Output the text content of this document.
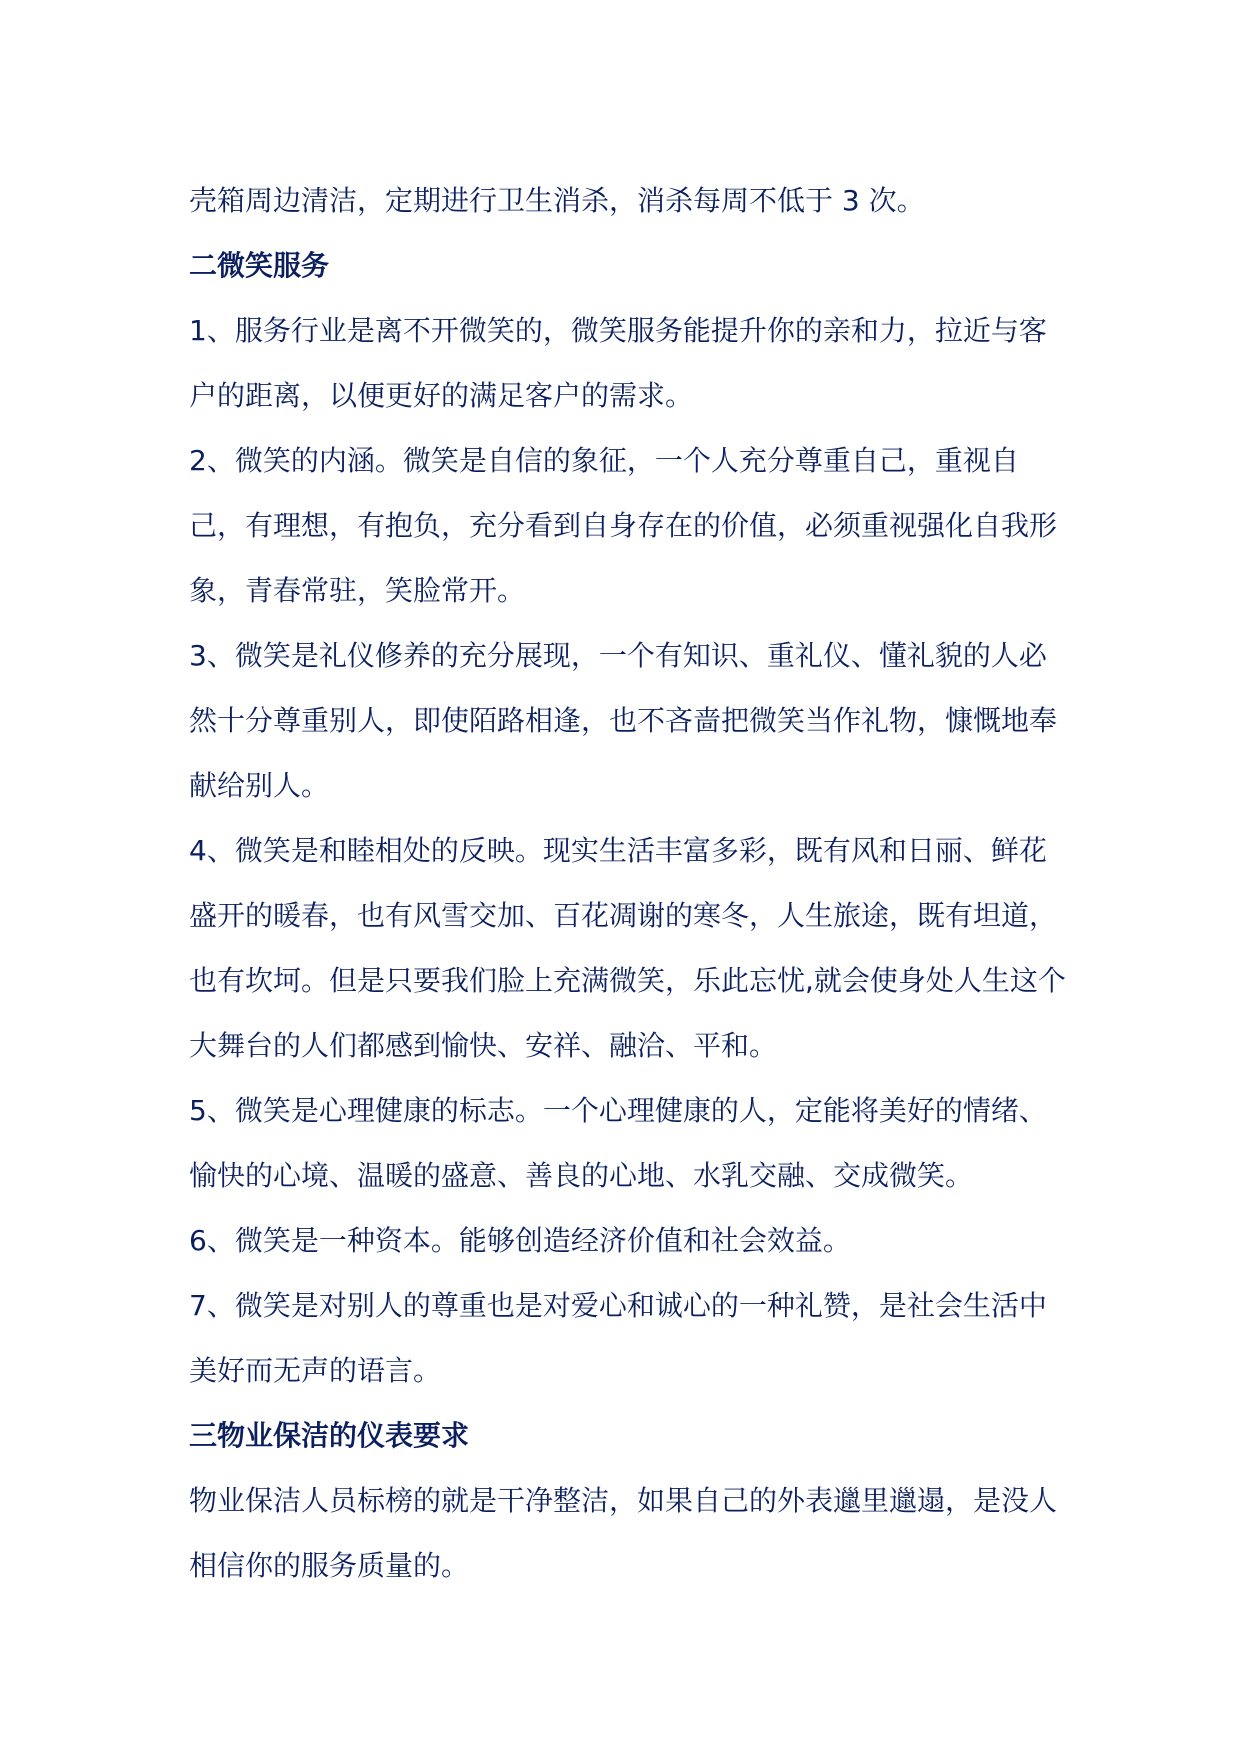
壳箱周边清洁，定期进行卫生消杀，消杀每周不低于 3 次。

二微笑服务

1、服务行业是离不开微笑的，微笑服务能提升你的亲和力，拉近与客户的距离，以便更好的满足客户的需求。

2、微笑的内涵。微笑是自信的象征，一个人充分尊重自己，重视自己，有理想，有抱负，充分看到自身存在的价值，必须重视强化自我形象，青春常驻，笑脸常开。

3、微笑是礼仪修养的充分展现，一个有知识、重礼仪、懂礼貌的人必然十分尊重别人，即使陌路相逢，也不吝啬把微笑当作礼物，慷慨地奉献给别人。

4、微笑是和睦相处的反映。现实生活丰富多彩，既有风和日丽、鲜花盛开的暖春，也有风雪交加、百花凋谢的寒冬，人生旅途，既有坦道，也有坎坷。但是只要我们脸上充满微笑，乐此忘忧,就会使身处人生这个大舞台的人们都感到愉快、安祥、融洽、平和。

5、微笑是心理健康的标志。一个心理健康的人，定能将美好的情绪、愉快的心境、温暖的盛意、善良的心地、水乳交融、交成微笑。

6、微笑是一种资本。能够创造经济价值和社会效益。

7、微笑是对别人的尊重也是对爱心和诚心的一种礼赞，是社会生活中美好而无声的语言。

三物业保洁的仪表要求

物业保洁人员标榜的就是干净整洁，如果自己的外表邋里邋遢，是没人相信你的服务质量的。
